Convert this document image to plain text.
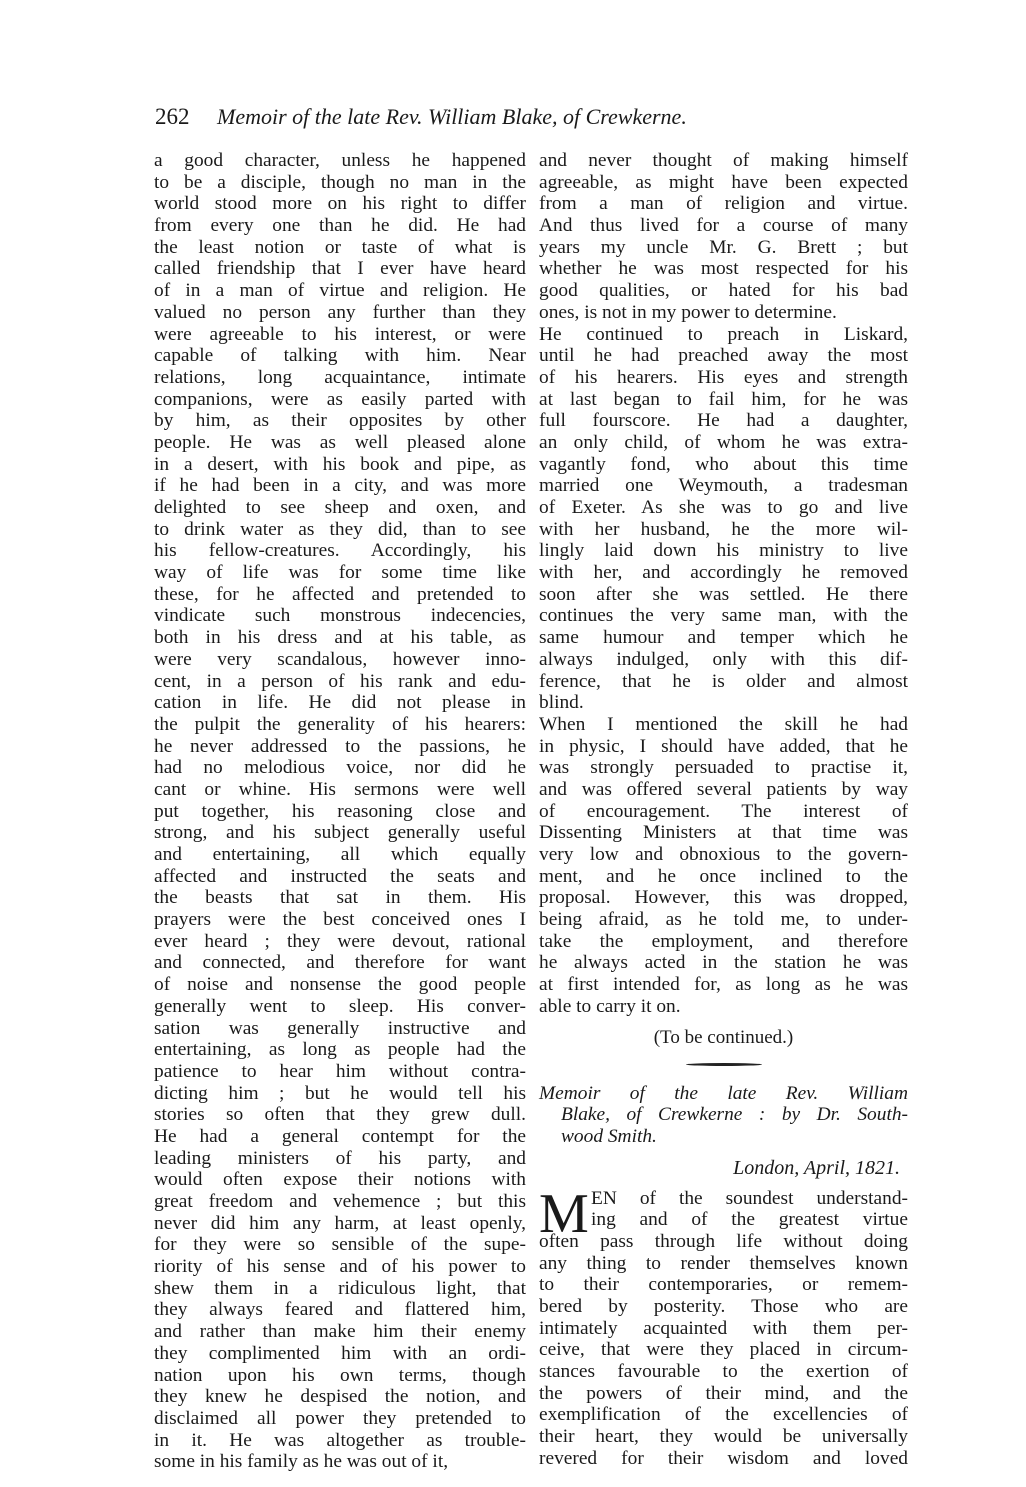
262 Memoir of the late Rev. William Blake, of Crewkerne.
a good character, unless he happened
to be a disciple, though no man in the
world stood more on his right to differ
from every one than he did. He had
the least notion or taste of what is
called friendship that I ever have heard
of in a man of virtue and religion. He
valued no person any further than they
were agreeable to his interest, or were
capable of talking with him. Near
relations, long acquaintance, intimate
companions, were as easily parted with
by him, as their opposites by other
people. He was as well pleased alone
in a desert, with his book and pipe, as
if he had been in a city, and was more
delighted to see sheep and oxen, and
to drink water as they did, than to see
his fellow-creatures. Accordingly, his
way of life was for some time like
these, for he affected and pretended to
vindicate such monstrous indecencies,
both in his dress and at his table, as
were very scandalous, however inno-
cent, in a person of his rank and edu-
cation in life. He did not please in
the pulpit the generality of his hearers:
he never addressed to the passions, he
had no melodious voice, nor did he
cant or whine. His sermons were well
put together, his reasoning close and
strong, and his subject generally useful
and entertaining, all which equally
affected and instructed the seats and
the beasts that sat in them. His
prayers were the best conceived ones I
ever heard ; they were devout, rational
and connected, and therefore for want
of noise and nonsense the good people
generally went to sleep. His conver-
sation was generally instructive and
entertaining, as long as people had the
patience to hear him without contra-
dicting him ; but he would tell his
stories so often that they grew dull.
He had a general contempt for the
leading ministers of his party, and
would often expose their notions with
great freedom and vehemence ; but this
never did him any harm, at least openly,
for they were so sensible of the supe-
riority of his sense and of his power to
shew them in a ridiculous light, that
they always feared and flattered him,
and rather than make him their enemy
they complimented him with an ordi-
nation upon his own terms, though
they knew he despised the notion, and
disclaimed all power they pretended to
in it. He was altogether as trouble-
some in his family as he was out of it,
and never thought of making himself
agreeable, as might have been expected
from a man of religion and virtue.
And thus lived for a course of many
years my uncle Mr. G. Brett ; but
whether he was most respected for his
good qualities, or hated for his bad
ones, is not in my power to determine.
He continued to preach in Liskard,
until he had preached away the most
of his hearers. His eyes and strength
at last began to fail him, for he was
full fourscore. He had a daughter,
an only child, of whom he was extra-
vagantly fond, who about this time
married one Weymouth, a tradesman
of Exeter. As she was to go and live
with her husband, he the more wil-
lingly laid down his ministry to live
with her, and accordingly he removed
soon after she was settled. He there
continues the very same man, with the
same humour and temper which he
always indulged, only with this dif-
ference, that he is older and almost
blind.
When I mentioned the skill he had
in physic, I should have added, that he
was strongly persuaded to practise it,
and was offered several patients by way
of encouragement. The interest of
Dissenting Ministers at that time was
very low and obnoxious to the govern-
ment, and he once inclined to the
proposal. However, this was dropped,
being afraid, as he told me, to under-
take the employment, and therefore
he always acted in the station he was
at first intended for, as long as he was
able to carry it on.
(To be continued.)
Memoir of the late Rev. William
Blake, of Crewkerne : by Dr. South-
wood Smith.
London, April, 1821.
M EN of the soundest understand-
ing and of the greatest virtue
often pass through life without doing
any thing to render themselves known
to their contemporaries, or remem-
bered by posterity. Those who are
intimately acquainted with them per-
ceive, that were they placed in circum-
stances favourable to the exertion of
the powers of their mind, and the
exemplification of the excellencies of
their heart, they would be universally
revered for their wisdom and loved
